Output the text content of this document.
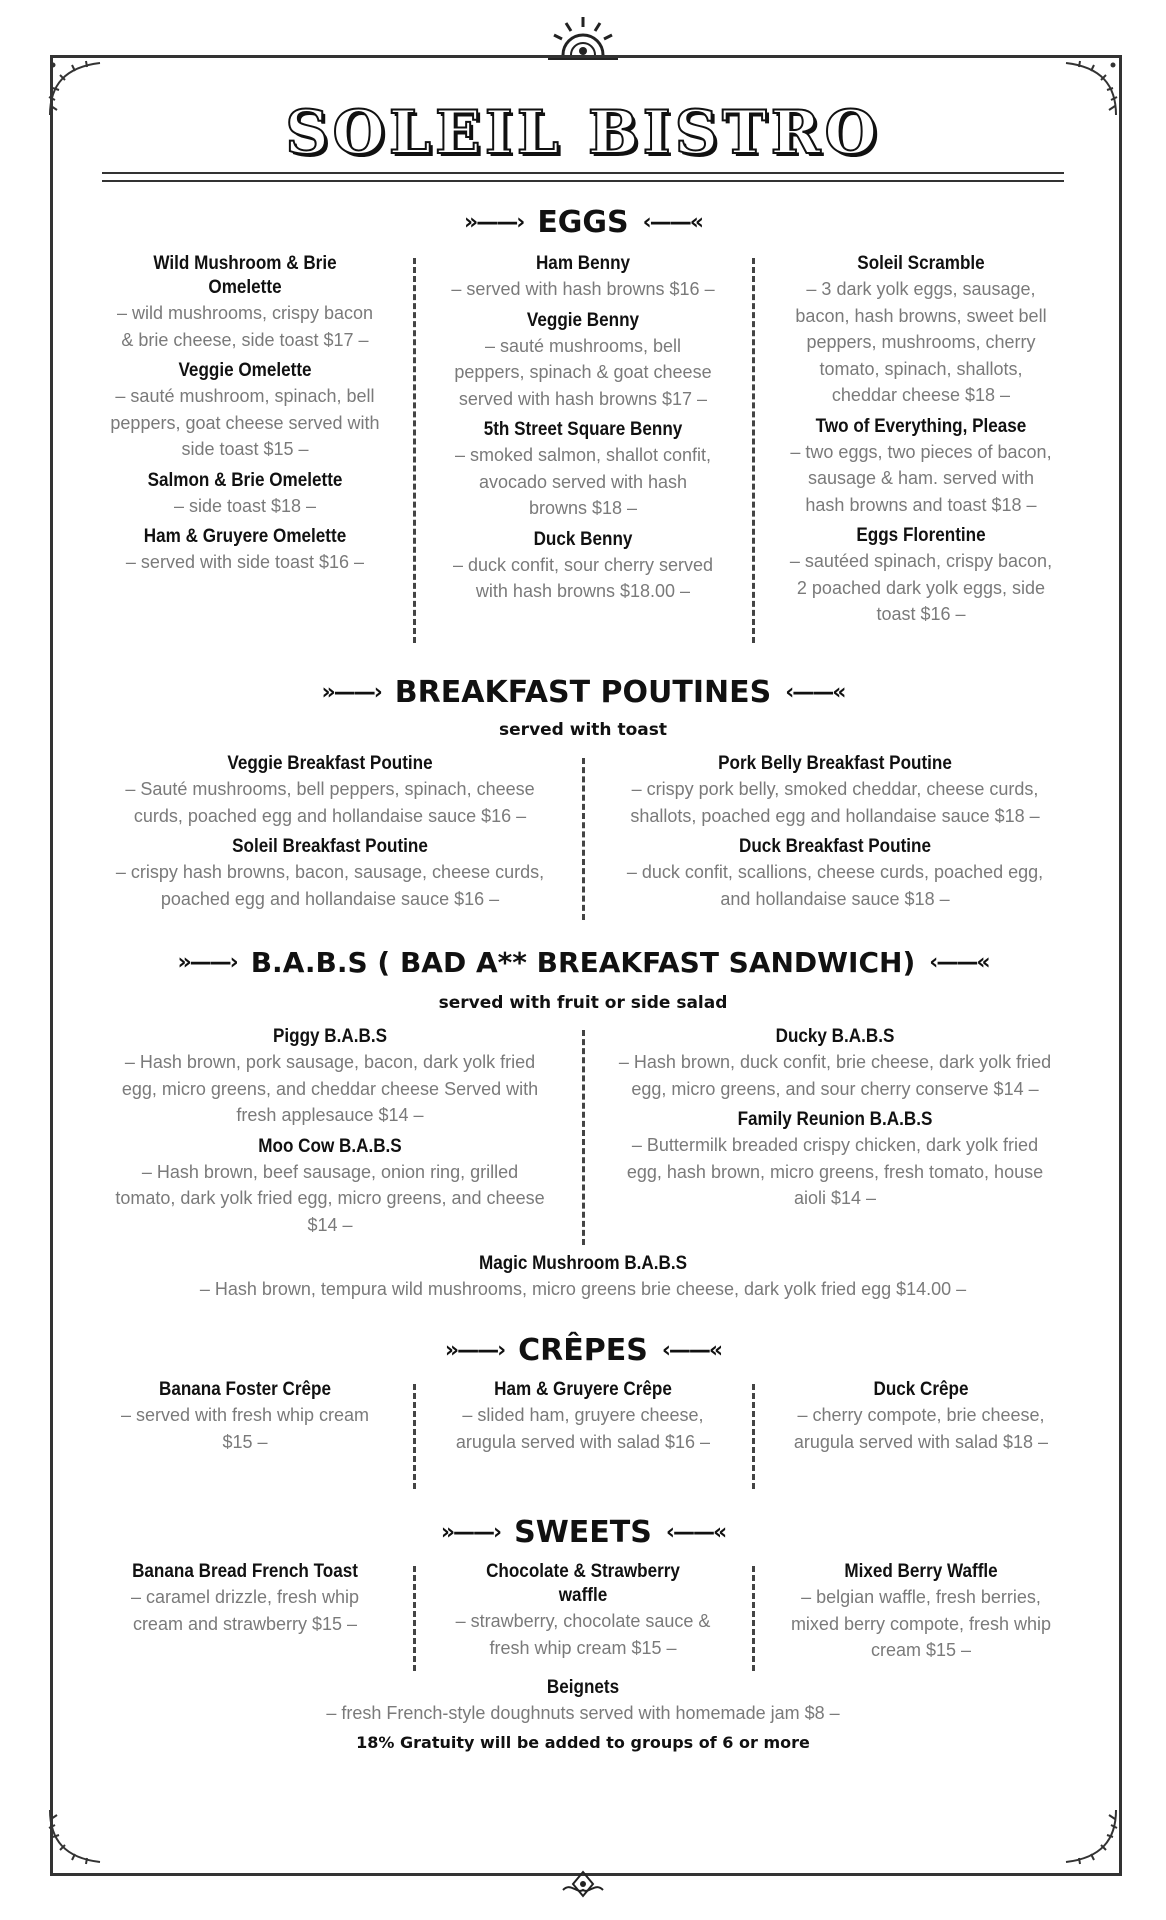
SOLEIL BISTRO
»——› EGGS ‹——«
Wild Mushroom & Brie Omelette
– wild mushrooms, crispy bacon & brie cheese, side toast $17 –
Veggie Omelette
– sauté mushroom, spinach, bell peppers, goat cheese served with side toast $15 –
Salmon & Brie Omelette
– side toast $18 –
Ham & Gruyere Omelette
– served with side toast $16 –
Ham Benny
– served with hash browns $16 –
Veggie Benny
– sauté mushrooms, bell peppers, spinach & goat cheese served with hash browns $17 –
5th Street Square Benny
– smoked salmon, shallot confit, avocado served with hash browns $18 –
Duck Benny
– duck confit, sour cherry served with hash browns $18.00 –
Soleil Scramble
– 3 dark yolk eggs, sausage, bacon, hash browns, sweet bell peppers, mushrooms, cherry tomato, spinach, shallots, cheddar cheese $18 –
Two of Everything, Please
– two eggs, two pieces of bacon, sausage & ham. served with hash browns and toast $18 –
Eggs Florentine
– sautéed spinach, crispy bacon, 2 poached dark yolk eggs, side toast $16 –
»——› BREAKFAST POUTINES ‹——«
served with toast
Veggie Breakfast Poutine
– Sauté mushrooms, bell peppers, spinach, cheese curds, poached egg and hollandaise sauce $16 –
Soleil Breakfast Poutine
– crispy hash browns, bacon, sausage, cheese curds, poached egg and hollandaise sauce $16 –
Pork Belly Breakfast Poutine
– crispy pork belly, smoked cheddar, cheese curds, shallots, poached egg and hollandaise sauce $18 –
Duck Breakfast Poutine
– duck confit, scallions, cheese curds, poached egg, and hollandaise sauce $18 –
»——› B.A.B.S ( BAD A** BREAKFAST SANDWICH) ‹——«
served with fruit or side salad
Piggy B.A.B.S
– Hash brown, pork sausage, bacon, dark yolk fried egg, micro greens, and cheddar cheese Served with fresh applesauce $14 –
Moo Cow B.A.B.S
– Hash brown, beef sausage, onion ring, grilled tomato, dark yolk fried egg, micro greens, and cheese $14 –
Ducky B.A.B.S
– Hash brown, duck confit, brie cheese, dark yolk fried egg, micro greens, and sour cherry conserve $14 –
Family Reunion B.A.B.S
– Buttermilk breaded crispy chicken, dark yolk fried egg, hash brown, micro greens, fresh tomato, house aioli $14 –
Magic Mushroom B.A.B.S
– Hash brown, tempura wild mushrooms, micro greens brie cheese, dark yolk fried egg $14.00 –
»——› CRÊPES ‹——«
Banana Foster Crêpe
– served with fresh whip cream $15 –
Ham & Gruyere Crêpe
– slided ham, gruyere cheese, arugula served with salad $16 –
Duck Crêpe
– cherry compote, brie cheese, arugula served with salad $18 –
»——› SWEETS ‹——«
Banana Bread French Toast
– caramel drizzle, fresh whip cream and strawberry $15 –
Chocolate & Strawberry waffle
– strawberry, chocolate sauce & fresh whip cream $15 –
Mixed Berry Waffle
– belgian waffle, fresh berries, mixed berry compote, fresh whip cream $15 –
Beignets
– fresh French-style doughnuts served with homemade jam $8 –
18% Gratuity will be added to groups of 6 or more
